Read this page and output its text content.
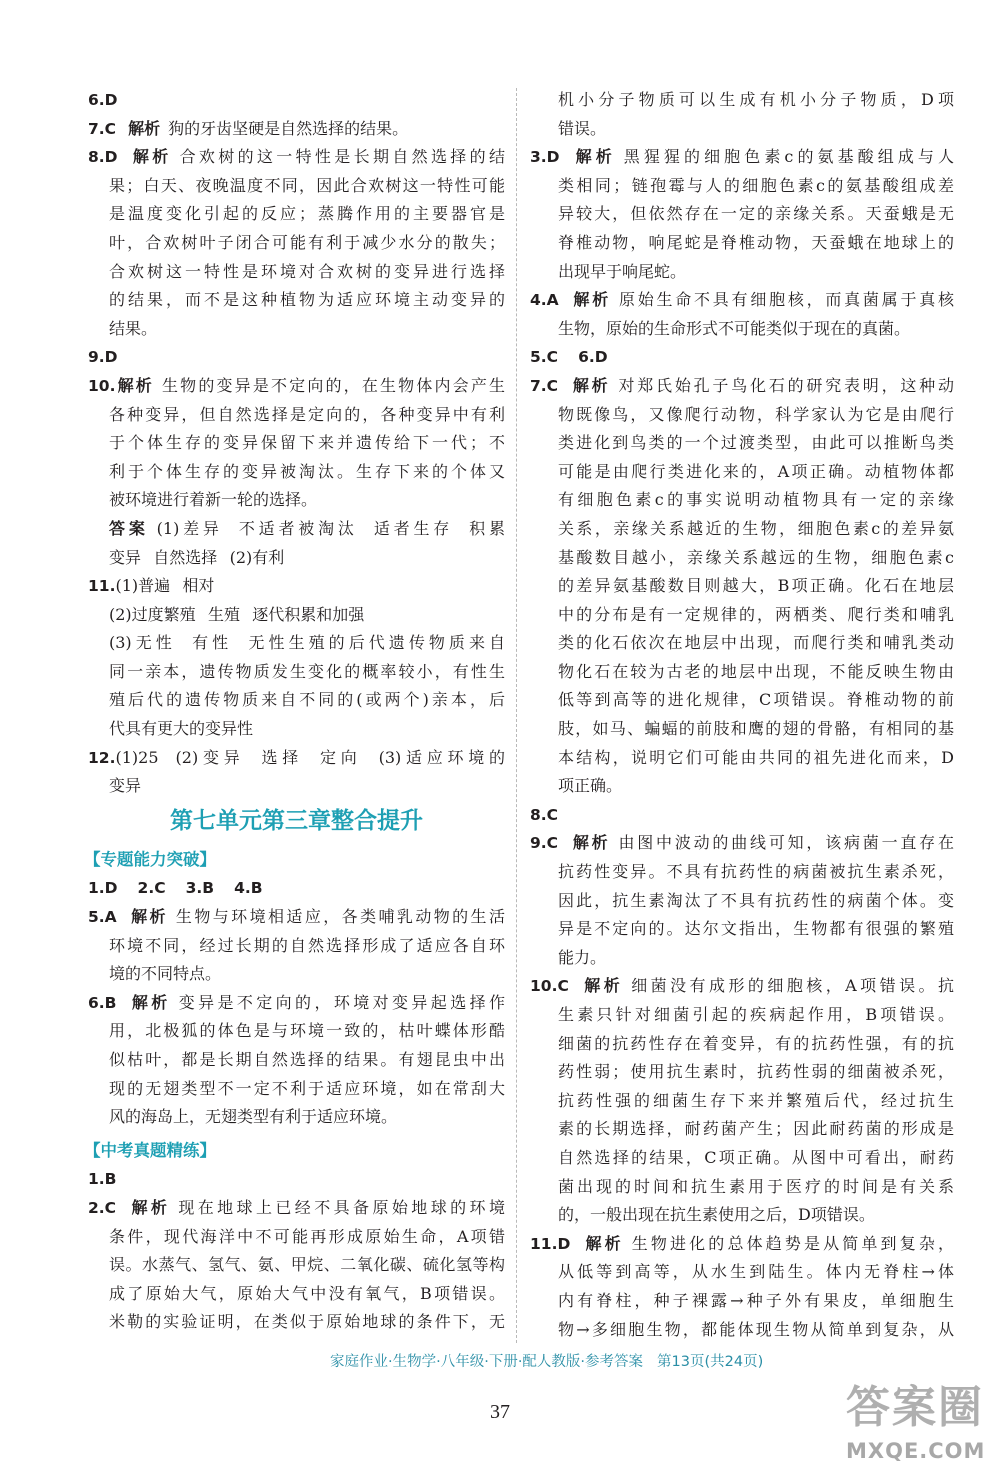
6.D
7.C 解析 狗的牙齿坚硬是自然选择的结果。
8.D 解析 合欢树的这一特性是长期自然选择的结
果；白天、夜晚温度不同，因此合欢树这一特性可能
是温度变化引起的反应；蒸腾作用的主要器官是
叶，合欢树叶子闭合可能有利于减少水分的散失；
合欢树这一特性是环境对合欢树的变异进行选择
的结果，而不是这种植物为适应环境主动变异的
结果。
9.D
10.解析 生物的变异是不定向的，在生物体内会产生
各种变异，但自然选择是定向的，各种变异中有利
于个体生存的变异保留下来并遗传给下一代；不
利于个体生存的变异被淘汰。生存下来的个体又
被环境进行着新一轮的选择。
答案 (1)差异 不适者被淘汰 适者生存 积累
变异 自然选择 (2)有利
11.(1)普遍 相对
(2)过度繁殖 生殖 逐代积累和加强
(3)无性 有性 无性生殖的后代遗传物质来自
同一亲本，遗传物质发生变化的概率较小，有性生
殖后代的遗传物质来自不同的(或两个)亲本，后
代具有更大的变异性
12.(1)25 (2)变异 选择 定向 (3)适应环境的
变异
第七单元第三章整合提升
【专题能力突破】
1.D 2.C 3.B 4.B
5.A 解析 生物与环境相适应，各类哺乳动物的生活
环境不同，经过长期的自然选择形成了适应各自环
境的不同特点。
6.B 解析 变异是不定向的，环境对变异起选择作
用，北极狐的体色是与环境一致的，枯叶蝶体形酷
似枯叶，都是长期自然选择的结果。有翅昆虫中出
现的无翅类型不一定不利于适应环境，如在常刮大
风的海岛上，无翅类型有利于适应环境。
【中考真题精练】
1.B
2.C 解析 现在地球上已经不具备原始地球的环境
条件，现代海洋中不可能再形成原始生命，A项错
误。水蒸气、氢气、氨、甲烷、二氧化碳、硫化氢等构
成了原始大气，原始大气中没有氧气，B项错误。
米勒的实验证明，在类似于原始地球的条件下，无
机小分子物质可以生成有机小分子物质，D项
错误。
3.D 解析 黑猩猩的细胞色素c的氨基酸组成与人
类相同；链孢霉与人的细胞色素c的氨基酸组成差
异较大，但依然存在一定的亲缘关系。天蚕蛾是无
脊椎动物，响尾蛇是脊椎动物，天蚕蛾在地球上的
出现早于响尾蛇。
4.A 解析 原始生命不具有细胞核，而真菌属于真核
生物，原始的生命形式不可能类似于现在的真菌。
5.C 6.D
7.C 解析 对郑氏始孔子鸟化石的研究表明，这种动
物既像鸟，又像爬行动物，科学家认为它是由爬行
类进化到鸟类的一个过渡类型，由此可以推断鸟类
可能是由爬行类进化来的，A项正确。动植物体都
有细胞色素c的事实说明动植物具有一定的亲缘
关系，亲缘关系越近的生物，细胞色素c的差异氨
基酸数目越小，亲缘关系越远的生物，细胞色素c
的差异氨基酸数目则越大，B项正确。化石在地层
中的分布是有一定规律的，两栖类、爬行类和哺乳
类的化石依次在地层中出现，而爬行类和哺乳类动
物化石在较为古老的地层中出现，不能反映生物由
低等到高等的进化规律，C项错误。脊椎动物的前
肢，如马、蝙蝠的前肢和鹰的翅的骨骼，有相同的基
本结构，说明它们可能由共同的祖先进化而来，D
项正确。
8.C
9.C 解析 由图中波动的曲线可知，该病菌一直存在
抗药性变异。不具有抗药性的病菌被抗生素杀死，
因此，抗生素淘汰了不具有抗药性的病菌个体。变
异是不定向的。达尔文指出，生物都有很强的繁殖
能力。
10.C 解析 细菌没有成形的细胞核，A项错误。抗
生素只针对细菌引起的疾病起作用，B项错误。
细菌的抗药性存在着变异，有的抗药性强，有的抗
药性弱；使用抗生素时，抗药性弱的细菌被杀死，
抗药性强的细菌生存下来并繁殖后代，经过抗生
素的长期选择，耐药菌产生；因此耐药菌的形成是
自然选择的结果，C项正确。从图中可看出，耐药
菌出现的时间和抗生素用于医疗的时间是有关系
的，一般出现在抗生素使用之后，D项错误。
11.D 解析 生物进化的总体趋势是从简单到复杂，
从低等到高等，从水生到陆生。体内无脊柱→体
内有脊柱，种子裸露→种子外有果皮，单细胞生
物→多细胞生物，都能体现生物从简单到复杂，从
家庭作业·生物学·八年级·下册·配人教版·参考答案 第13页(共24页)
37	答案圈
MXQE.COM
